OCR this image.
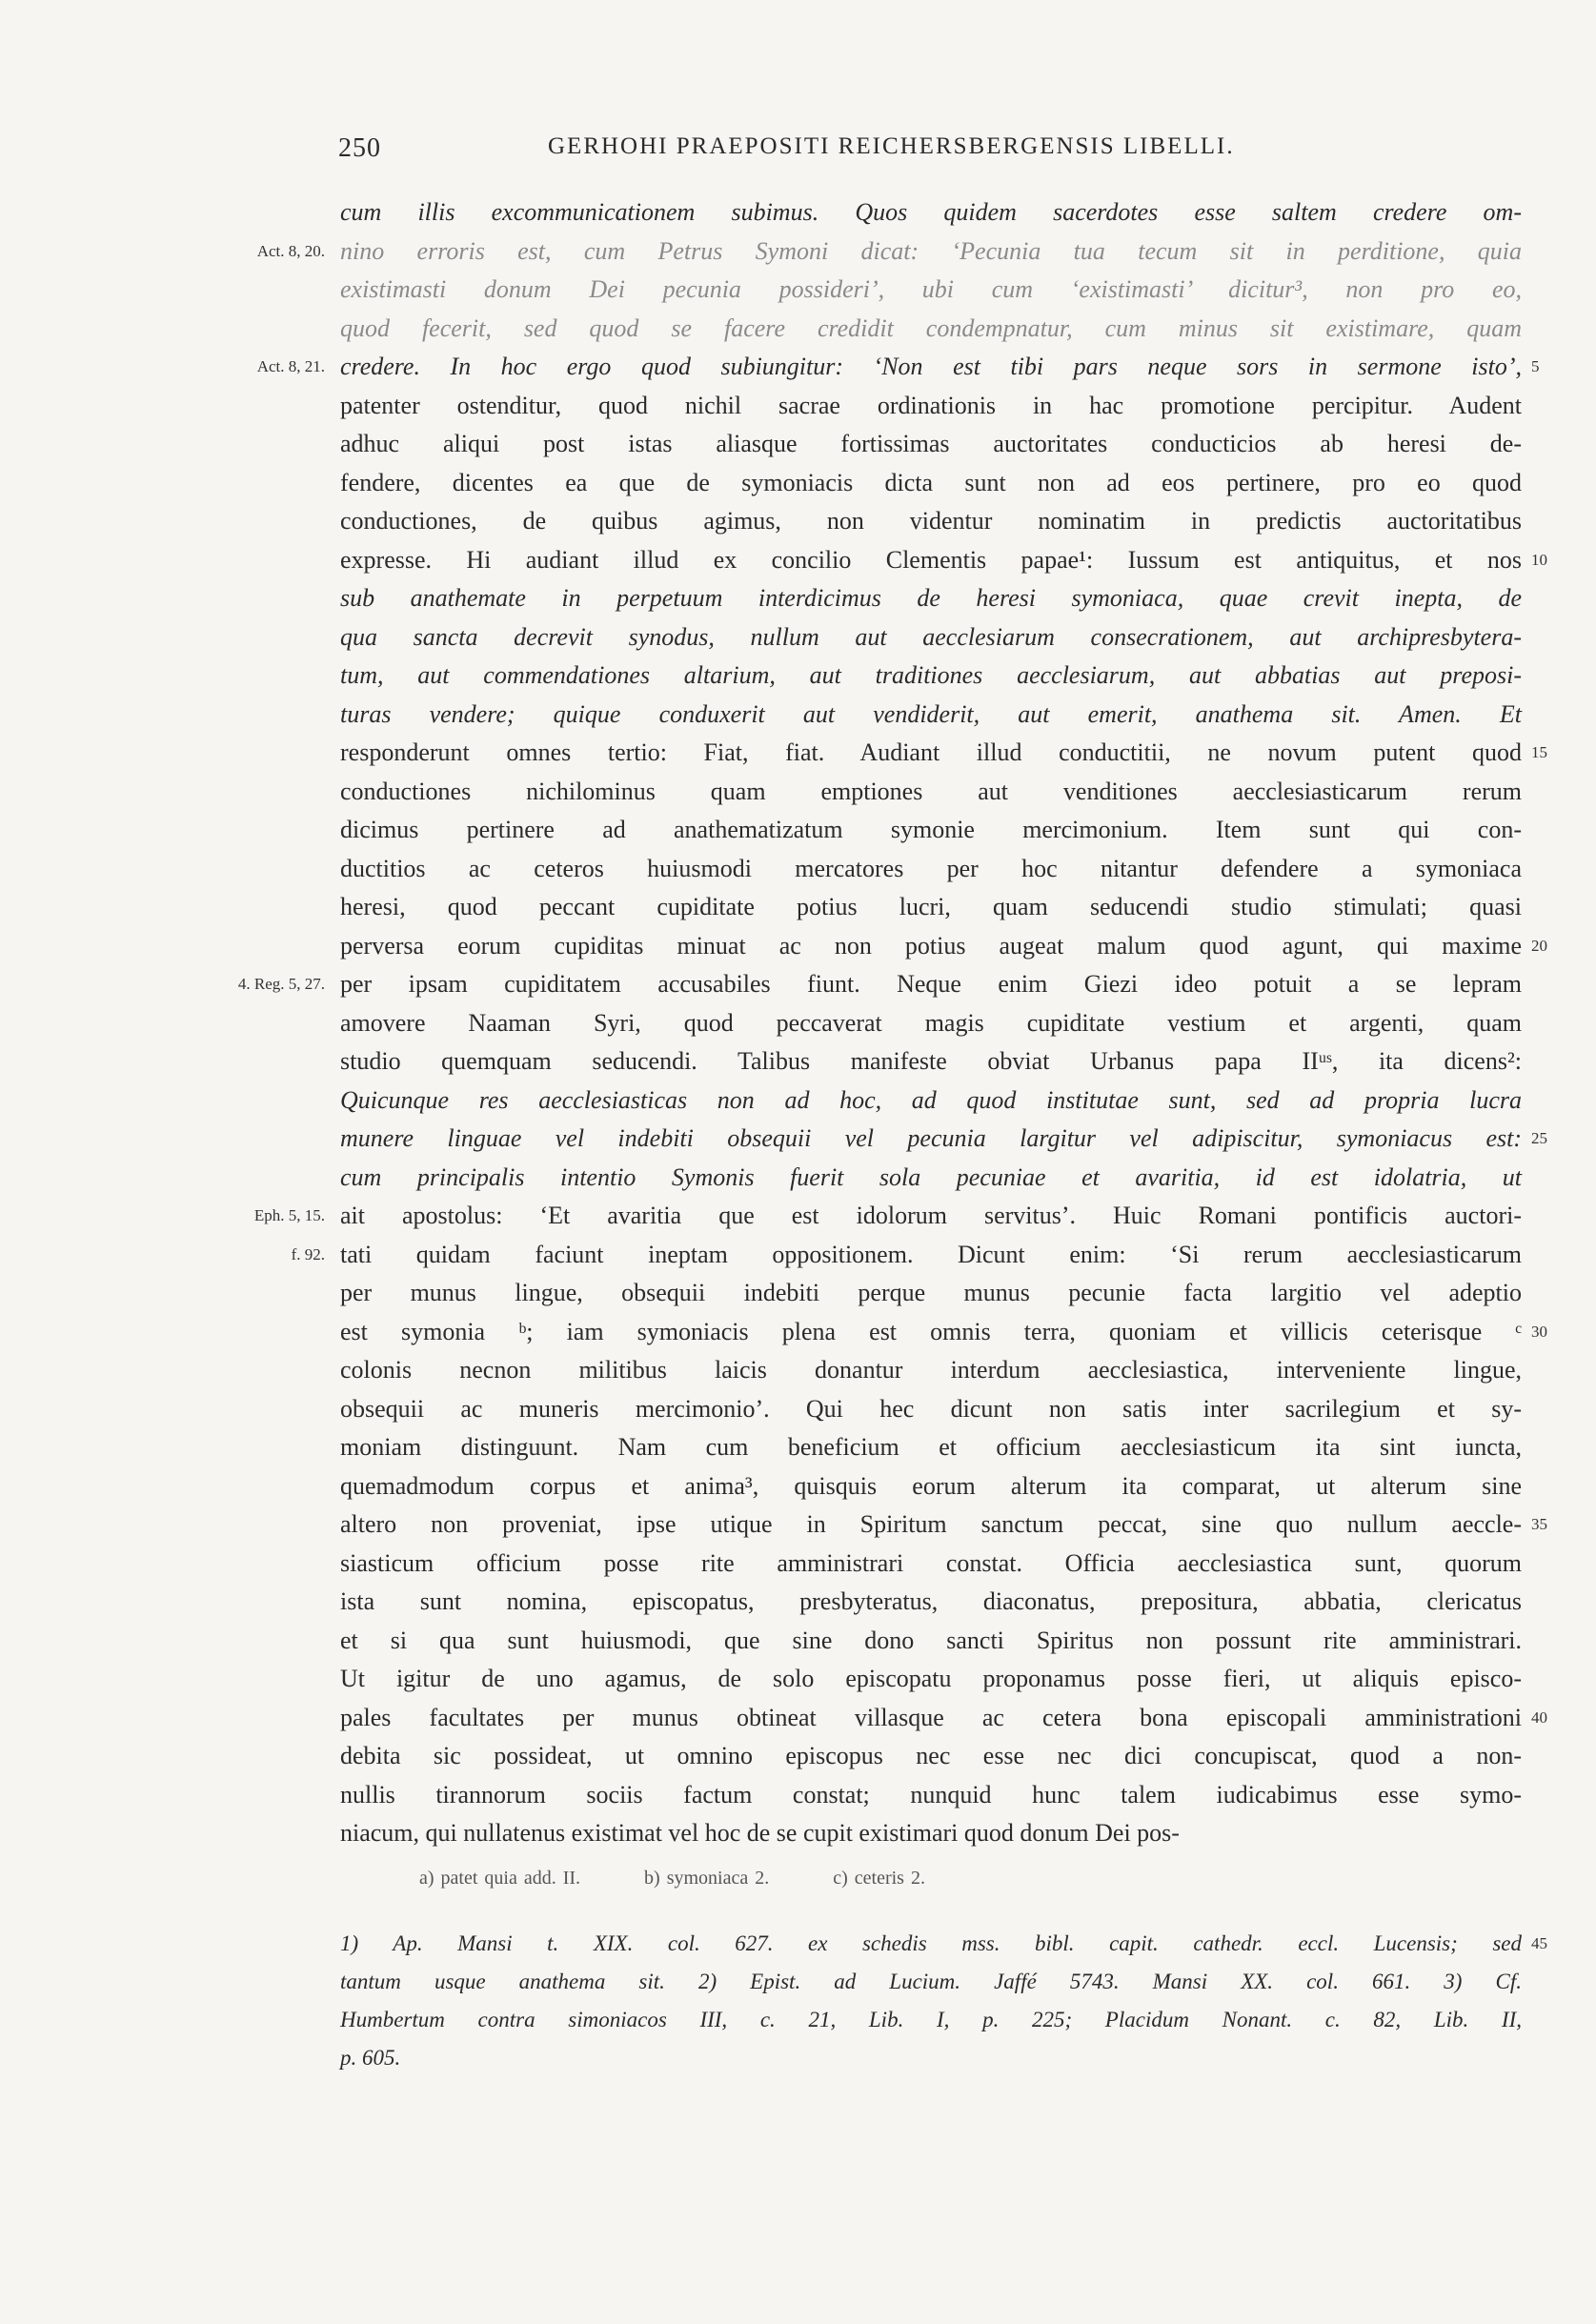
250	GERHOHI PRAEPOSITI REICHERSBERGENSIS LIBELLI.
cum illis excommunicationem subimus. Quos quidem sacerdotes esse saltem credere om-
Act. 8, 20. nino erroris est, cum Petrus Symoni dicat: ‘Pecunia tua tecum sit in perditione, quia
existimasti donum Dei pecunia possideri’, ubi cum ‘existimasti’ dicitur³, non pro eo,
quod fecerit, sed quod se facere credidit condempnatur, cum minus sit existimare, quam
Act. 8, 21. credere. In hoc ergo quod subiungitur: ‘Non est tibi pars neque sors in sermone isto’, 5
patenter ostenditur, quod nichil sacrae ordinationis in hac promotione percipitur. Audent
adhuc aliqui post istas aliasque fortissimas auctoritates conducticios ab heresi de-
fendere, dicentes ea que de symoniacis dicta sunt non ad eos pertinere, pro eo quod
conductiones, de quibus agimus, non videntur nominatim in predictis auctoritatibus
expresse. Hi audiant illud ex concilio Clementis papae¹: Iussum est antiquitus, et nos 10
sub anathemate in perpetuum interdicimus de heresi symoniaca, quae crevit inepta, de
qua sancta decrevit synodus, nullum aut aecclesiarum consecrationem, aut archipresbytera-
tum, aut commendationes altarium, aut traditiones aecclesiarum, aut abbatias aut preposi-
turas vendere; quique conduxerit aut vendiderit, aut emerit, anathema sit. Amen. Et
responderunt omnes tertio: Fiat, fiat. Audiant illud conductitii, ne novum putent quod 15
conductiones nichilominus quam emptiones aut venditiones aecclesiasticarum rerum
dicimus pertinere ad anathematizatum symonie mercimonium. Item sunt qui con-
ductitios ac ceteros huiusmodi mercatores per hoc nitantur defendere a symoniaca
heresi, quod peccant cupiditate potius lucri, quam seducendi studio stimulati; quasi
perversa eorum cupiditas minuat ac non potius augeat malum quod agunt, qui maxime 20
4. Reg. 5, 27. per ipsam cupiditatem accusabiles fiunt. Neque enim Giezi ideo potuit a se lepram
amovere Naaman Syri, quod peccaverat magis cupiditate vestium et argenti, quam
studio quemquam seducendi. Talibus manifeste obviat Urbanus papa IIᵘˢ, ita dicens²:
Quicunque res aecclesiasticas non ad hoc, ad quod institutae sunt, sed ad propria lucra
munere linguae vel indebiti obsequii vel pecunia largitur vel adipiscitur, symoniacus est: 25
cum principalis intentio Symonis fuerit sola pecuniae et avaritia, id est idolatria, ut
Eph. 5, 15. ait apostolus: ‘Et avaritia que est idolorum servitus’. Huic Romani pontificis auctori-
f. 92. tati quidam faciunt ineptam oppositionem. Dicunt enim: ‘Si rerum aecclesiasticarum
per munus lingue, obsequii indebiti perque munus pecunie facta largitio vel adeptio
est symonia ᵇ; iam symoniacis plena est omnis terra, quoniam et villicis ceterisque ᶜ 30
colonis necnon militibus laicis donantur interdum aecclesiastica, interveniente lingue,
obsequii ac muneris mercimonio’. Qui hec dicunt non satis inter sacrilegium et sy-
moniam distinguunt. Nam cum beneficium et officium aecclesiasticum ita sint iuncta,
quemadmodum corpus et anima³, quisquis eorum alterum ita comparat, ut alterum sine
altero non proveniat, ipse utique in Spiritum sanctum peccat, sine quo nullum aeccle- 35
siasticum officium posse rite amministrari constat. Officia aecclesiastica sunt, quorum
ista sunt nomina, episcopatus, presbyteratus, diaconatus, prepositura, abbatia, clericatus
et si qua sunt huiusmodi, que sine dono sancti Spiritus non possunt rite amministrari.
Ut igitur de uno agamus, de solo episcopatu proponamus posse fieri, ut aliquis episco-
pales facultates per munus obtineat villasque ac cetera bona episcopali amministrationi 40
debita sic possideat, ut omnino episcopus nec esse nec dici concupiscat, quod a non-
nullis tirannorum sociis factum constat; nunquid hunc talem iudicabimus esse symo-
niacum, qui nullatenus existimat vel hoc de se cupit existimari quod donum Dei pos-
a) patet quia add. II.	b) symoniaca 2.	c) ceteris 2.
1) Ap. Mansi t. XIX. col. 627. ex schedis mss. bibl. capit. cathedr. eccl. Lucensis; sed 45
tantum usque anathema sit. 2) Epist. ad Lucium. Jaffé 5743. Mansi XX. col. 661. 3) Cf.
Humbertum contra simoniacos III, c. 21, Lib. I, p. 225; Placidum Nonant. c. 82, Lib. II,
p. 605.
